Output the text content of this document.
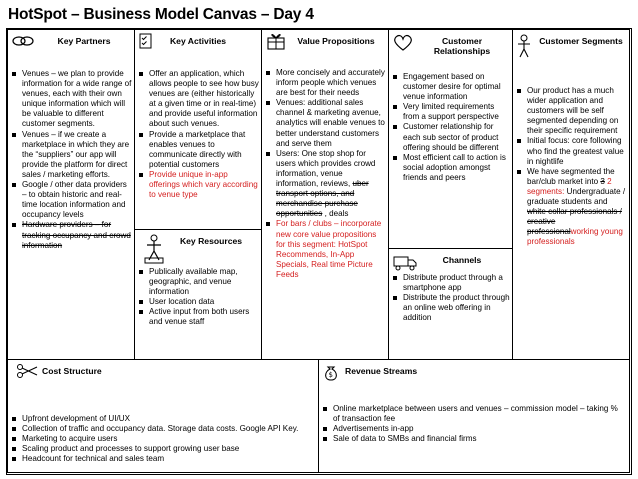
HotSpot – Business Model Canvas – Day 4
Key Partners
Venues – we plan to provide information for a wide range of venues, each with their own unique information which will be valuable to different customer segments.
Venues – if we create a marketplace in which they are the “suppliers” our app will provide the platform for direct sales / marketing efforts.
Google / other data providers – to obtain historic and real-time location information and occupancy levels
Hardware providers – for tracking occupancy and crowd information
Key Activities
Offer an application, which allows people to see how busy venues are (either historically at a given time or in real-time) and provide useful information about such venues.
Provide a marketplace that enables venues to communicate directly with potential customers
Provide unique in-app offerings which vary according to venue type
Key Resources
Publically available map, geographic, and venue information
User location data
Active input from both users and venue staff
Value Propositions
More concisely and accurately inform people which venues are best for their needs
Venues: additional sales channel & marketing avenue, analytics will enable venues to better understand customers and serve them
Users: One stop shop for users which provides crowd information, venue information, reviews, uber transport options, and merchandise purchase opportunities , deals
For bars / clubs – incorporate new core value propositions for this segment: HotSpot Recommends, In-App Specials, Real time Picture Feeds
Customer Relationships
Engagement based on customer desire for optimal venue information
Very limited requirements from a support perspective
Customer relationship for each sub sector of product offering should be different
Most efficient call to action is social adoption amongst friends and peers
Channels
Distribute product through a smartphone app
Distribute the product through an online web offering in addition
Customer Segments
Our product has a much wider application and customers will be self segmented depending on their specific requirement
Initial focus: core following who find the greatest value in nightlife
We have segmented the bar/club market into 3 2 segments: Undergraduate / graduate students and white collar professionals / creative professionalworking young professionals
Cost Structure
Upfront development of UI/UX
Collection of traffic and occupancy data. Storage data costs. Google API Key.
Marketing to acquire users
Scaling product and processes to support growing user base
Headcount for technical and sales team
$ Revenue Streams
Online marketplace between users and venues – commission model – taking % of transaction fee
Advertisements in-app
Sale of data to SMBs and financial firms
